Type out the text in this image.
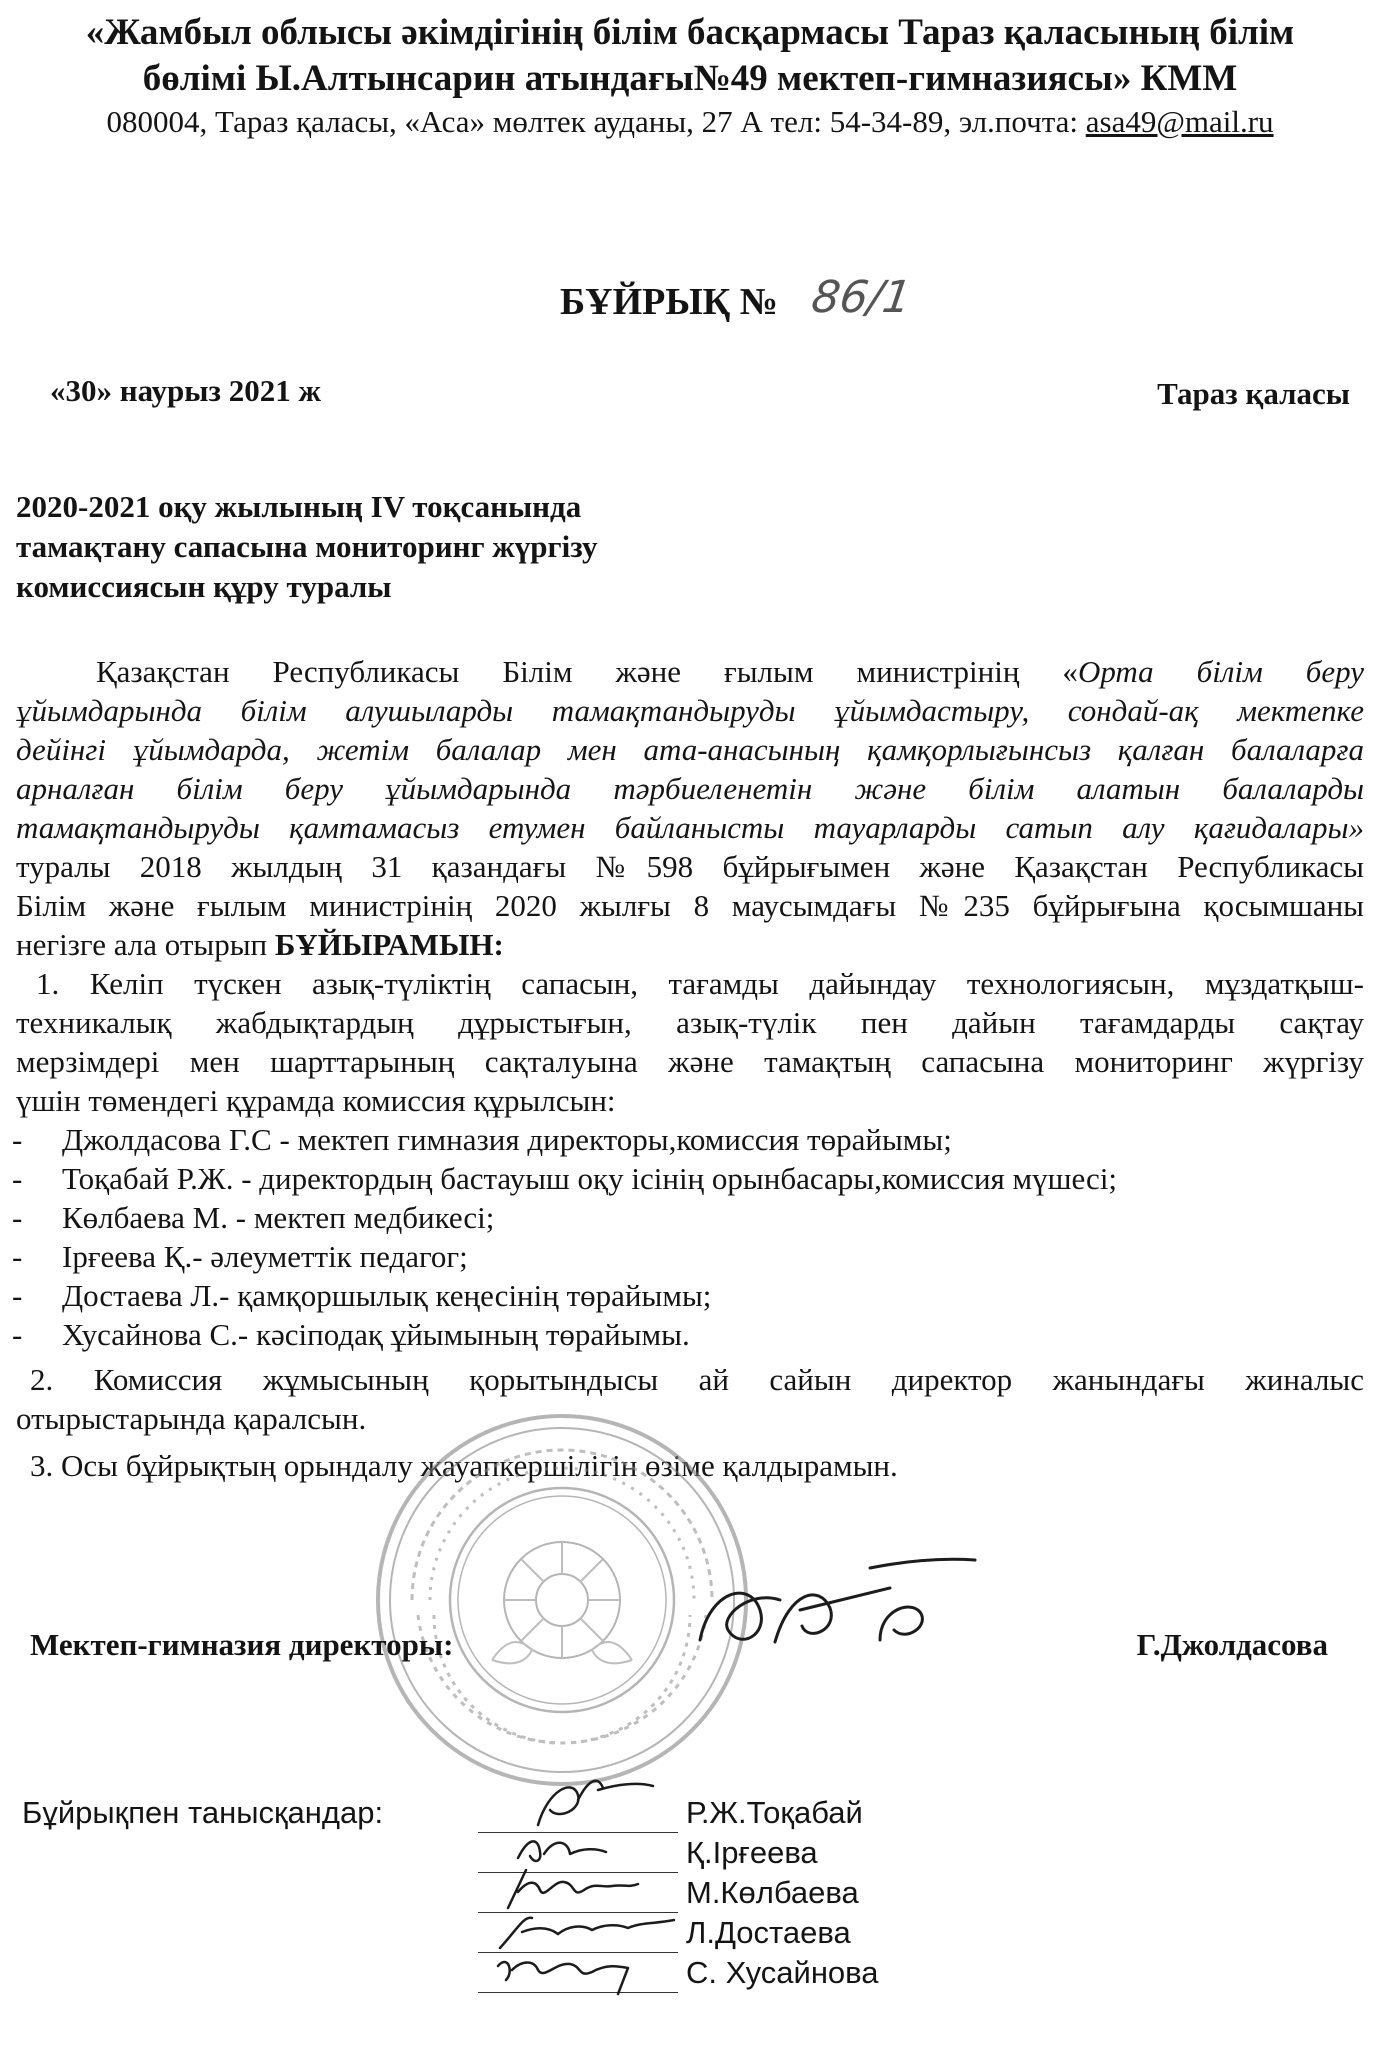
«Жамбыл облысы әкімдігінің білім басқармасы Тараз қаласының білім
бөлімі Ы.Алтынсарин атындағы№49 мектеп-гимназиясы» КММ
080004, Тараз қаласы, «Аса» мөлтек ауданы, 27 А тел: 54-34-89, эл.почта: asa49@mail.ru
БҰЙРЫҚ № 86/1
«30» наурыз 2021 ж	Тараз қаласы
2020-2021 оқу жылының IV тоқсанында
тамақтану сапасына мониторинг жүргізу
комиссиясын құру туралы
Қазақстан Республикасы Білім және ғылым министрінің «Орта білім беру
ұйымдарында білім алушыларды тамақтандыруды ұйымдастыру, сондай-ақ мектепке
дейінгі ұйымдарда, жетім балалар мен ата-анасының қамқорлығынсыз қалған балаларға
арналған білім беру ұйымдарында тәрбиеленетін және білім алатын балаларды
тамақтандыруды қамтамасыз етумен байланысты тауарларды сатып алу қағидалары»
туралы 2018 жылдың 31 қазандағы №598 бұйрығымен және Қазақстан Республикасы
Білім және ғылым министрінің 2020 жылғы 8 маусымдағы №235 бұйрығына қосымшаны
негізге ала отырып БҰЙЫРАМЫН:
1. Келіп түскен азық-түліктің сапасын, тағамды дайындау технологиясын, мұздатқыш-
техникалық жабдықтардың дұрыстығын, азық-түлік пен дайын тағамдарды сақтау
мерзімдері мен шарттарының сақталуына және тамақтың сапасына мониторинг жүргізу
үшін төмендегі құрамда комиссия құрылсын:
- Джолдасова Г.С - мектеп гимназия директоры,комиссия төрайымы;
- Тоқабай Р.Ж. - директордың бастауыш оқу ісінің орынбасары,комиссия мүшесі;
- Көлбаева М. - мектеп медбикесі;
- Ірғеева Қ.- әлеуметтік педагог;
- Достаева Л.- қамқоршылық кеңесінің төрайымы;
- Хусайнова С.- кәсіподақ ұйымының төрайымы.
2. Комиссия жұмысының қорытындысы ай сайын директор жанындағы жиналыс
отырыстарында қаралсын.
3. Осы бұйрықтың орындалу жауапкершілігін өзіме қалдырамын.
Мектеп-гимназия директоры:	Г.Джолдасова
Бұйрықпен танысқандар:	Р.Ж.Тоқабай
Қ.Ірғеева
М.Көлбаева
Л.Достаева
С. Хусайнова
